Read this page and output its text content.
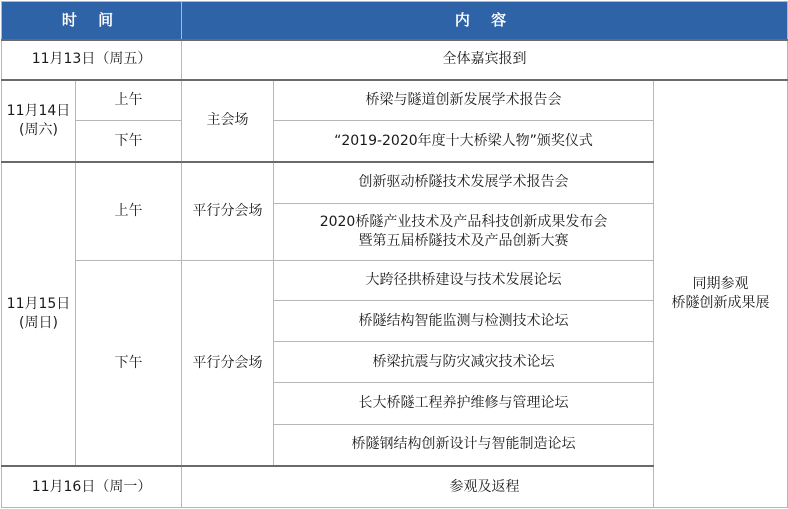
时 间		内 容		
11月13日（周五）		全体嘉宾报到		
11月14日
(周六)	上午	主会场	桥梁与隧道创新发展学术报告会	同期参观
桥隧创新成果展
	下午		“2019-2020年度十大桥梁人物”颁奖仪式	
11月15日
(周日)	上午	平行分会场	创新驱动桥隧技术发展学术报告会	
			2020桥隧产业技术及产品科技创新成果发布会
暨第五届桥隧技术及产品创新大赛	
	下午	平行分会场	大跨径拱桥建设与技术发展论坛	
			桥隧结构智能监测与检测技术论坛	
			桥梁抗震与防灾减灾技术论坛	
			长大桥隧工程养护维修与管理论坛	
			桥隧钢结构创新设计与智能制造论坛	
11月16日（周一）		参观及返程		
